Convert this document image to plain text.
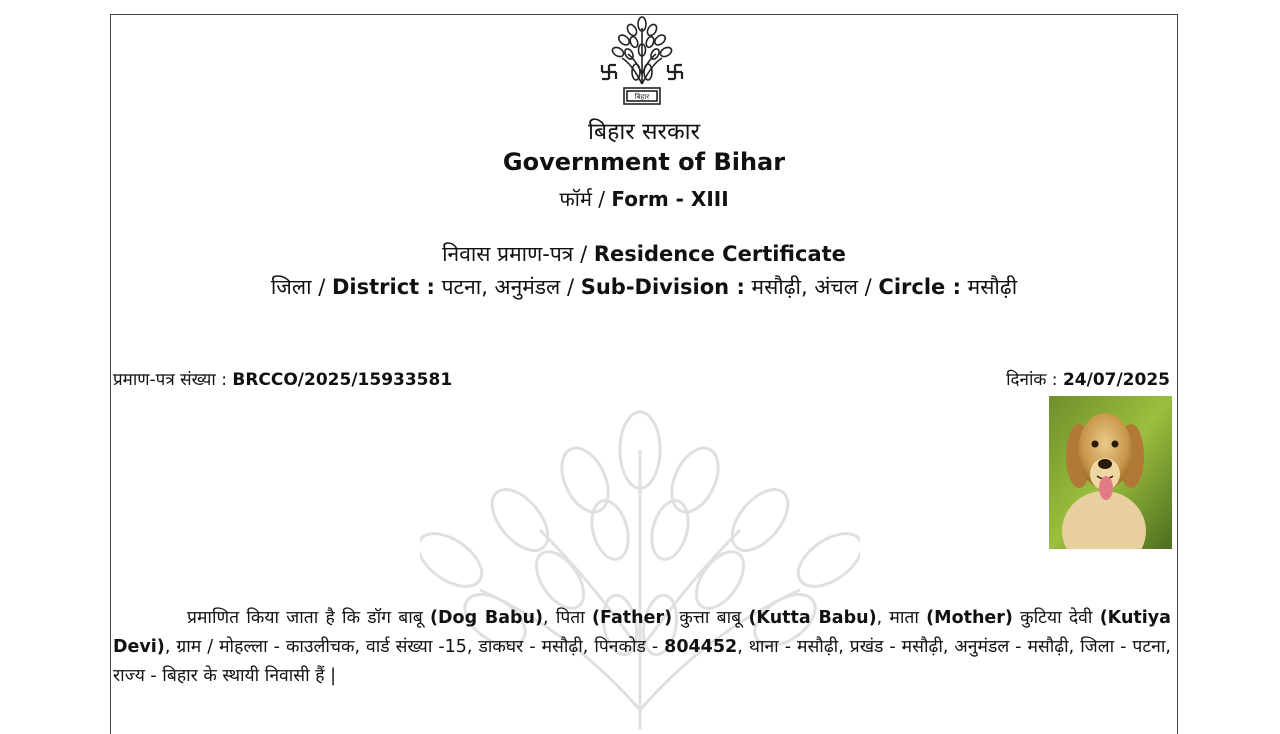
बिहार
बिहार सरकार
Government of Bihar
फॉर्म / Form - XIII
निवास प्रमाण-पत्र / Residence Certificate
जिला / District : पटना, अनुमंडल / Sub-Division : मसौढ़ी, अंचल / Circle : मसौढ़ी
प्रमाण-पत्र संख्या : BRCCO/2025/15933581	दिनांक : 24/07/2025

प्रमाणित किया जाता है कि डॉग बाबू (Dog Babu), पिता (Father) कुत्ता बाबू (Kutta Babu), माता (Mother) कुटिया देवी (Kutiya Devi), ग्राम / मोहल्ला - काउलीचक, वार्ड संख्या -15, डाकघर - मसौढ़ी, पिनकोड - 804452, थाना - मसौढ़ी, प्रखंड - मसौढ़ी, अनुमंडल - मसौढ़ी, जिला - पटना, राज्य - बिहार के स्थायी निवासी हैं |
